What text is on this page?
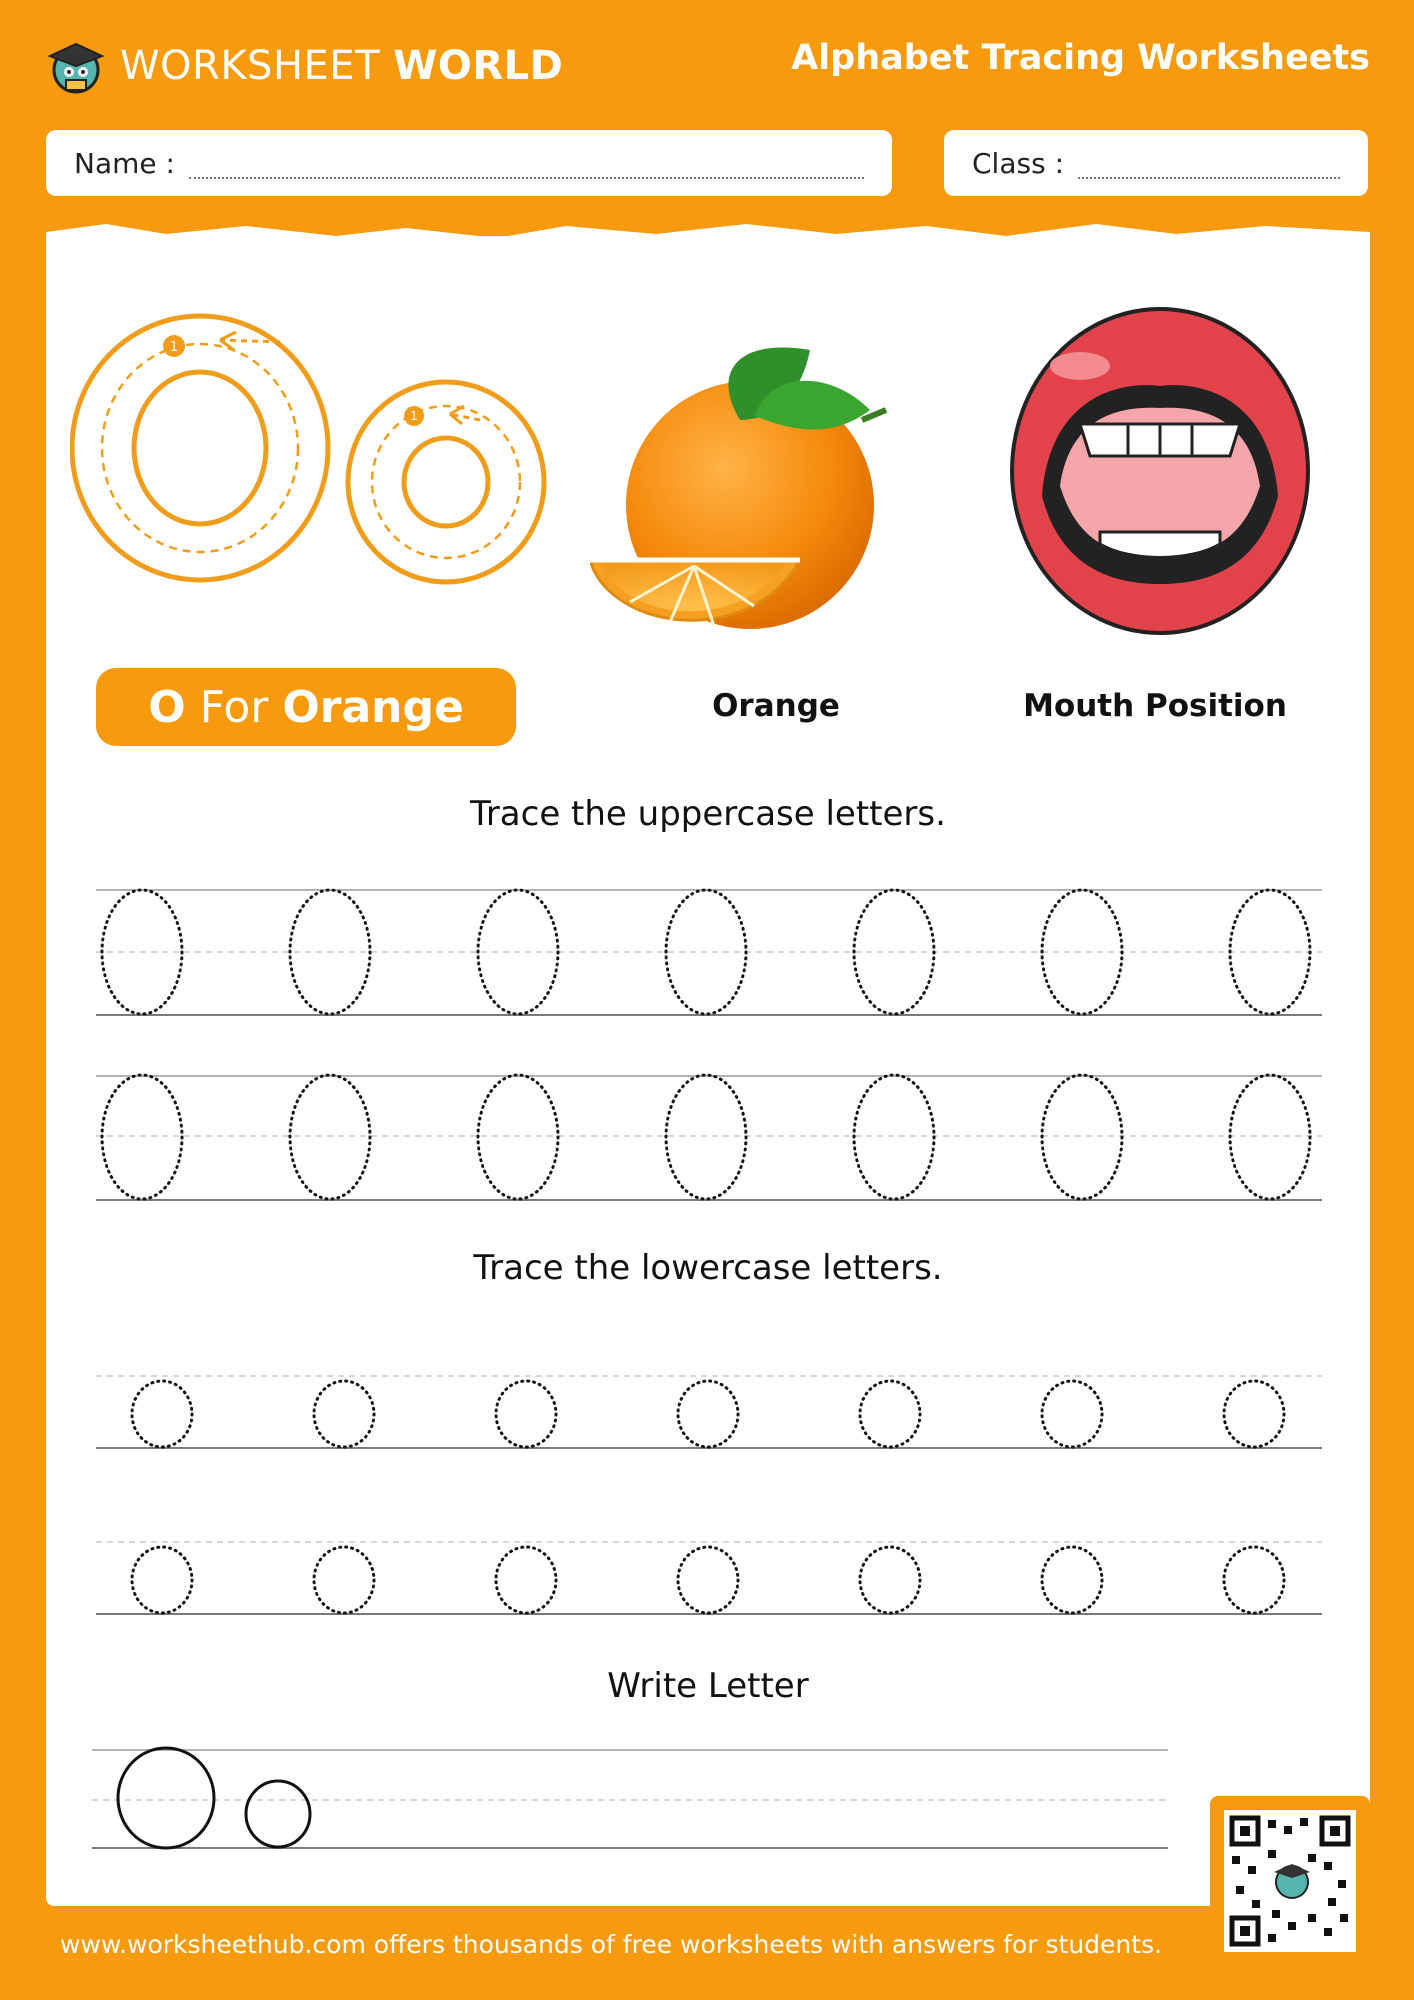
WORKSHEET WORLD	Alphabet Tracing Worksheets
Name :	Class :
1
1
O
For
Orange	Orange	Mouth Position
Trace the uppercase letters.
Trace the lowercase letters.
Write Letter
www.worksheethub.com offers thousands of free worksheets with answers for students.
